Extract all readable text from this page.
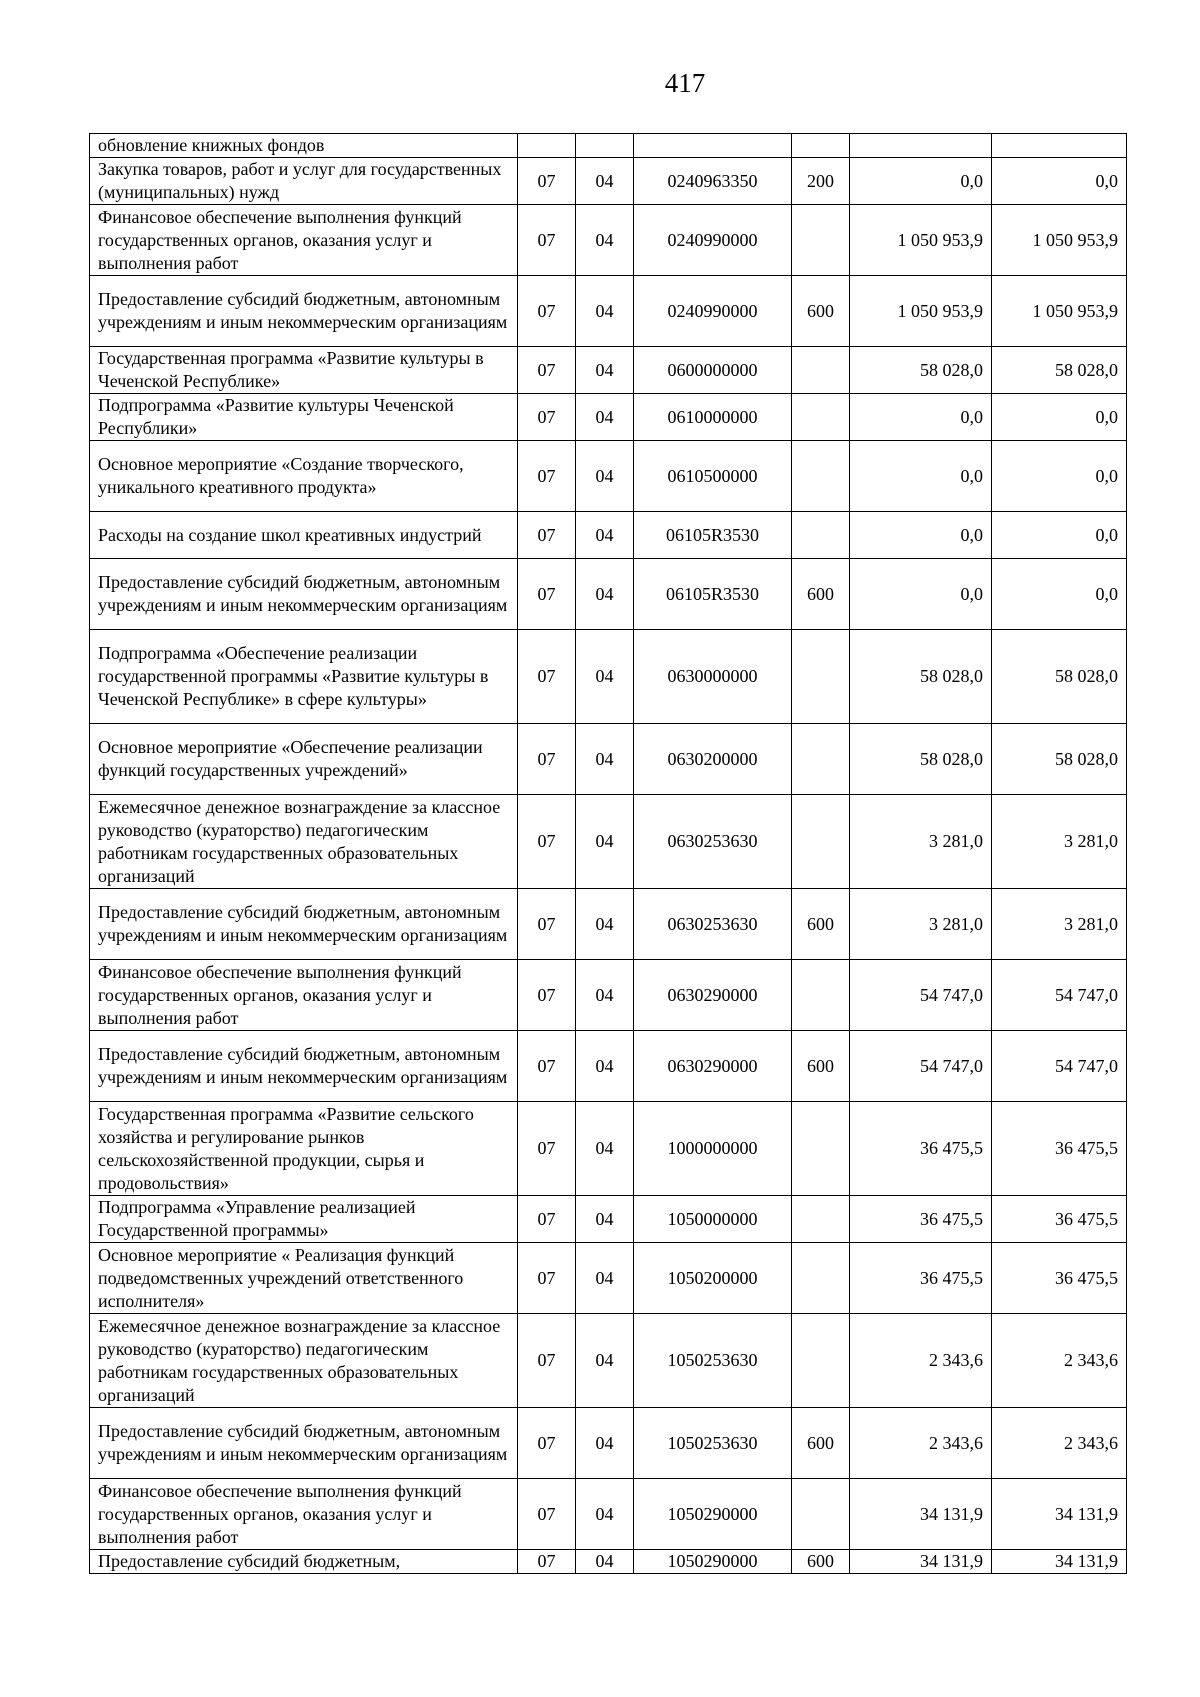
417
обновление книжных фондов						
Закупка товаров, работ и услуг для государственных (муниципальных) нужд	07	04	0240963350	200	0,0	0,0
Финансовое обеспечение выполнения функций государственных органов, оказания услуг и выполнения работ	07	04	0240990000		1 050 953,9	1 050 953,9
Предоставление субсидий бюджетным, автономным учреждениям и иным некоммерческим организациям	07	04	0240990000	600	1 050 953,9	1 050 953,9
Государственная программа «Развитие культуры в Чеченской Республике»	07	04	0600000000		58 028,0	58 028,0
Подпрограмма «Развитие культуры Чеченской Республики»	07	04	0610000000		0,0	0,0
Основное мероприятие «Создание творческого, уникального креативного продукта»	07	04	0610500000		0,0	0,0
Расходы на создание школ креативных индустрий	07	04	06105R3530		0,0	0,0
Предоставление субсидий бюджетным, автономным учреждениям и иным некоммерческим организациям	07	04	06105R3530	600	0,0	0,0
Подпрограмма «Обеспечение реализации государственной программы «Развитие культуры в Чеченской Республике» в сфере культуры»	07	04	0630000000		58 028,0	58 028,0
Основное мероприятие «Обеспечение реализации функций государственных учреждений»	07	04	0630200000		58 028,0	58 028,0
Ежемесячное денежное вознаграждение за классное руководство (кураторство) педагогическим работникам государственных образовательных организаций	07	04	0630253630		3 281,0	3 281,0
Предоставление субсидий бюджетным, автономным учреждениям и иным некоммерческим организациям	07	04	0630253630	600	3 281,0	3 281,0
Финансовое обеспечение выполнения функций государственных органов, оказания услуг и выполнения работ	07	04	0630290000		54 747,0	54 747,0
Предоставление субсидий бюджетным, автономным учреждениям и иным некоммерческим организациям	07	04	0630290000	600	54 747,0	54 747,0
Государственная программа «Развитие сельского хозяйства и регулирование рынков сельскохозяйственной продукции, сырья и продовольствия»	07	04	1000000000		36 475,5	36 475,5
Подпрограмма «Управление реализацией Государственной программы»	07	04	1050000000		36 475,5	36 475,5
Основное мероприятие « Реализация функций подведомственных учреждений ответственного исполнителя»	07	04	1050200000		36 475,5	36 475,5
Ежемесячное денежное вознаграждение за классное руководство (кураторство) педагогическим работникам государственных образовательных организаций	07	04	1050253630		2 343,6	2 343,6
Предоставление субсидий бюджетным, автономным учреждениям и иным некоммерческим организациям	07	04	1050253630	600	2 343,6	2 343,6
Финансовое обеспечение выполнения функций государственных органов, оказания услуг и выполнения работ	07	04	1050290000		34 131,9	34 131,9
Предоставление субсидий бюджетным,	07	04	1050290000	600	34 131,9	34 131,9
